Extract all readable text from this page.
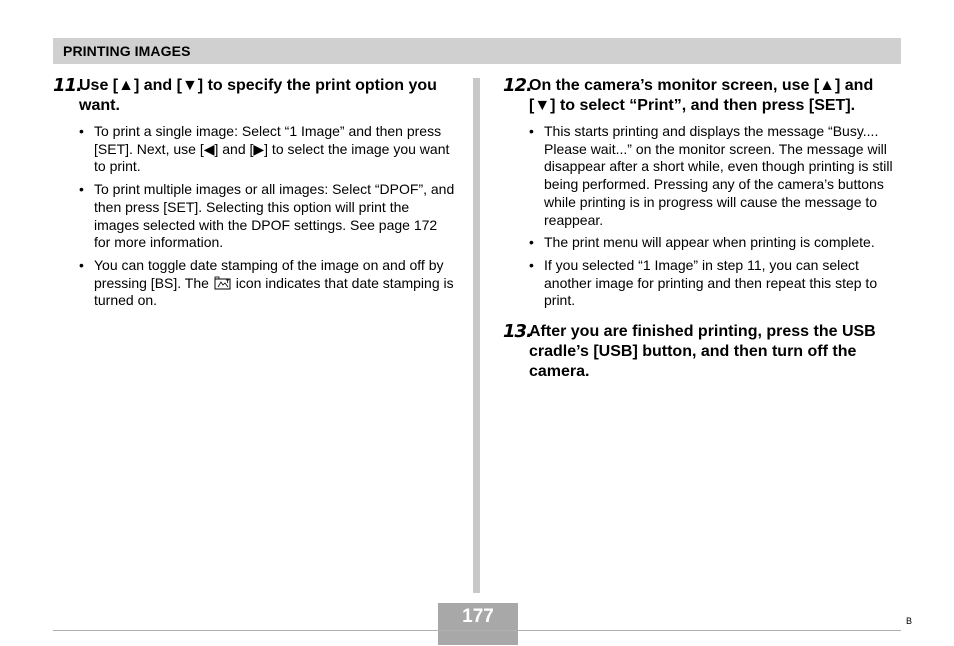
PRINTING IMAGES
11.

Use [▲] and [▼] to specify the print option you want.

• To print a single image: Select “1 Image” and then press [SET]. Next, use [◀] and [▶] to select the image you want to print.
• To print multiple images or all images: Select “DPOF”, and then press [SET]. Selecting this option will print the images selected with the DPOF settings. See page 172 for more information.
• You can toggle date stamping of the image on and off by pressing [BS]. The  icon indicates that date stamping is turned on.
12.

On the camera’s monitor screen, use [▲] and [▼] to select “Print”, and then press [SET].

• This starts printing and displays the message “Busy.... Please wait...” on the monitor screen. The message will disappear after a short while, even though printing is still being performed. Pressing any of the camera’s buttons while printing is in progress will cause the message to reappear.
• The print menu will appear when printing is complete.
• If you selected “1 Image” in step 11, you can select another image for printing and then repeat this step to print.
13.

After you are finished printing, press the USB cradle’s [USB] button, and then turn off the camera.

177	B
